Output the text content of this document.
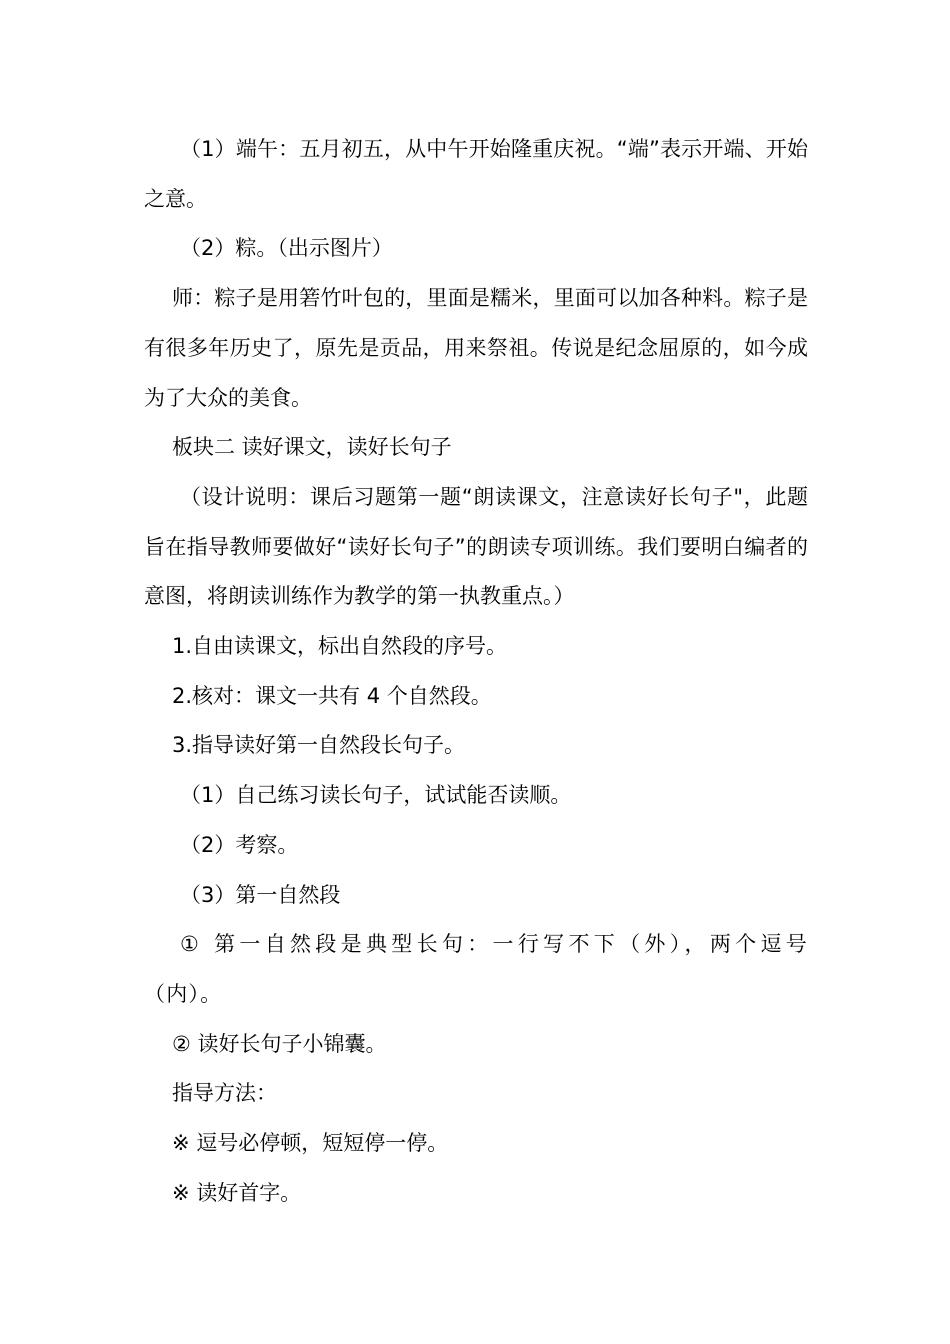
（1）端午：五月初五，从中午开始隆重庆祝。“端”表示开端、开始之意。

（2）粽。（出示图片）

师：粽子是用箬竹叶包的，里面是糯米，里面可以加各种料。粽子是有很多年历史了，原先是贡品，用来祭祖。传说是纪念屈原的，如今成为了大众的美食。

板块二 读好课文，读好长句子

（设计说明：课后习题第一题“朗读课文，注意读好长句子"，此题旨在指导教师要做好“读好长句子”的朗读专项训练。我们要明白编者的意图，将朗读训练作为教学的第一执教重点。）

1.自由读课文，标出自然段的序号。

2.核对：课文一共有 4 个自然段。

3.指导读好第一自然段长句子。

（1）自己练习读长句子，试试能否读顺。

（2）考察。

（3）第一自然段

① 第一自然段是典型长句：一行写不下（外），两个逗号（内）。

② 读好长句子小锦囊。

指导方法：

※ 逗号必停顿，短短停一停。

※ 读好首字。
